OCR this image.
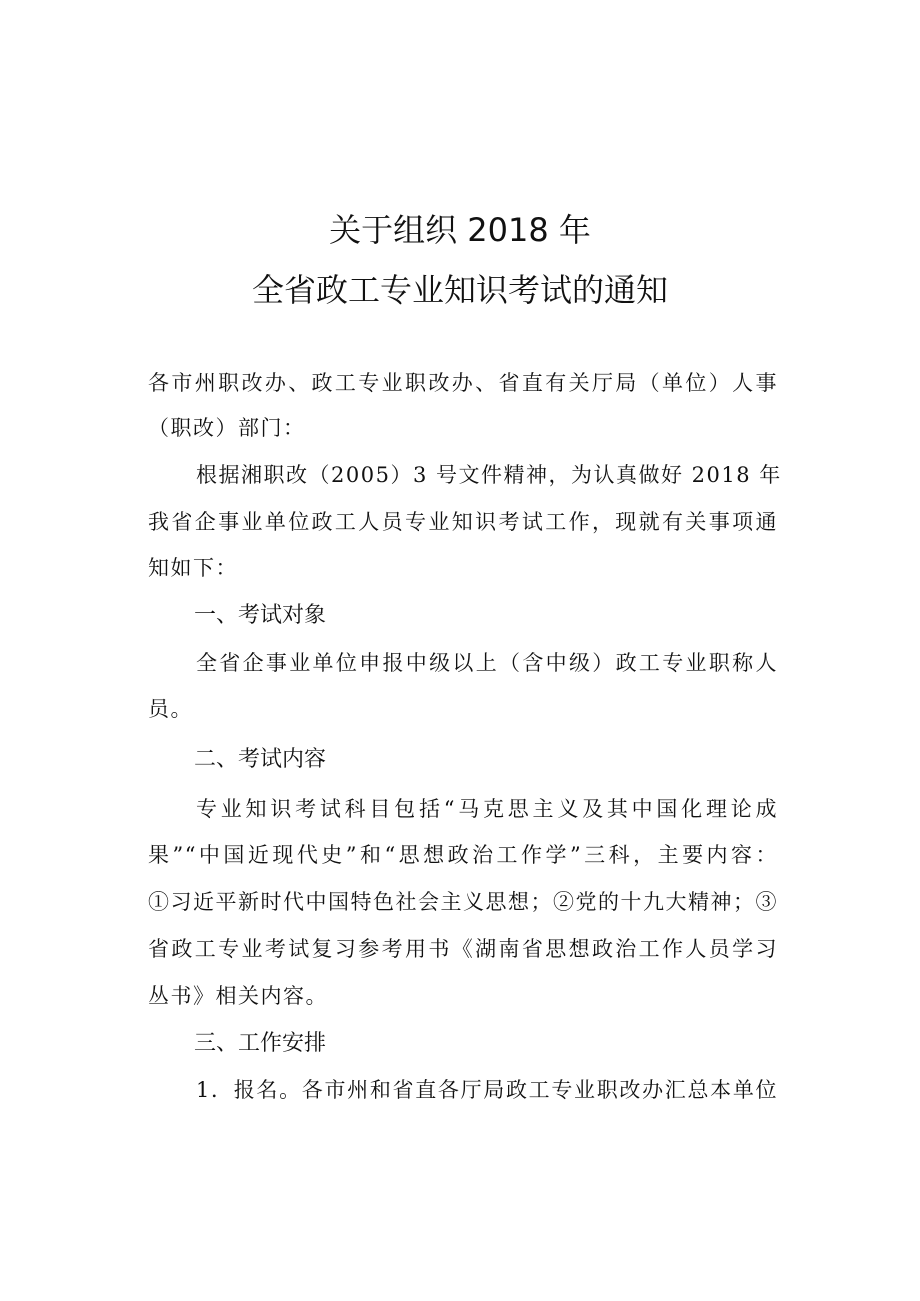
关于组织 2018 年
全省政工专业知识考试的通知
各市州职改办、政工专业职改办、省直有关厅局（单位）人事
（职改）部门：
根据湘职改（2005）3 号文件精神，为认真做好 2018 年
我省企事业单位政工人员专业知识考试工作，现就有关事项通
知如下：
一、考试对象
全省企事业单位申报中级以上（含中级）政工专业职称人
员。
二、考试内容
专业知识考试科目包括“马克思主义及其中国化理论成
果”“中国近现代史”和“思想政治工作学”三科，主要内容：
①习近平新时代中国特色社会主义思想；②党的十九大精神；③
省政工专业考试复习参考用书《湖南省思想政治工作人员学习
丛书》相关内容。
三、工作安排
1．报名。各市州和省直各厅局政工专业职改办汇总本单位
